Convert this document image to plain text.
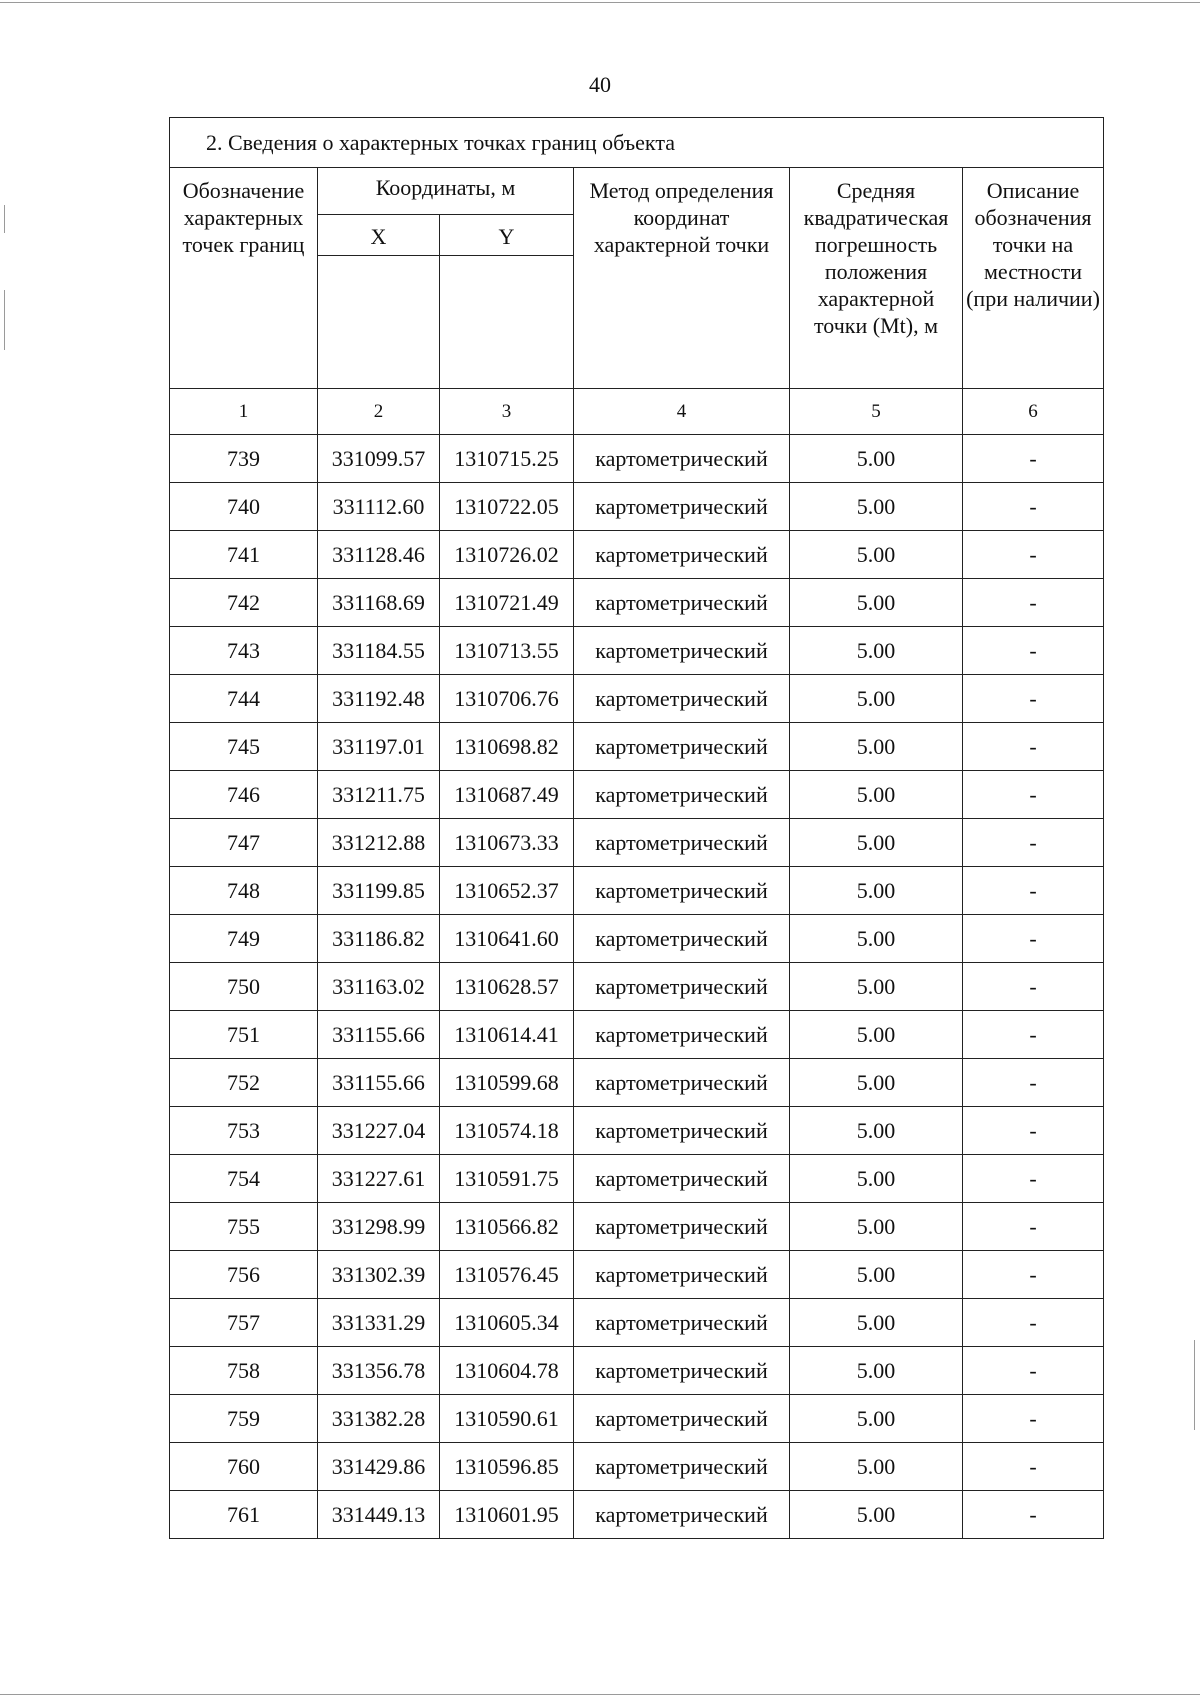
40
2. Сведения о характерных точках границ объекта					
Обозначение характерных точек границ	Координаты, м		Метод определения координат характерной точки	Средняя квадратическая погрешность положения характерной точки (Mt), м	Описание обозначения точки на местности (при наличии)
	X	Y			

1	2	3	4	5	6
739	331099.57	1310715.25	картометрический	5.00	-
740	331112.60	1310722.05	картометрический	5.00	-
741	331128.46	1310726.02	картометрический	5.00	-
742	331168.69	1310721.49	картометрический	5.00	-
743	331184.55	1310713.55	картометрический	5.00	-
744	331192.48	1310706.76	картометрический	5.00	-
745	331197.01	1310698.82	картометрический	5.00	-
746	331211.75	1310687.49	картометрический	5.00	-
747	331212.88	1310673.33	картометрический	5.00	-
748	331199.85	1310652.37	картометрический	5.00	-
749	331186.82	1310641.60	картометрический	5.00	-
750	331163.02	1310628.57	картометрический	5.00	-
751	331155.66	1310614.41	картометрический	5.00	-
752	331155.66	1310599.68	картометрический	5.00	-
753	331227.04	1310574.18	картометрический	5.00	-
754	331227.61	1310591.75	картометрический	5.00	-
755	331298.99	1310566.82	картометрический	5.00	-
756	331302.39	1310576.45	картометрический	5.00	-
757	331331.29	1310605.34	картометрический	5.00	-
758	331356.78	1310604.78	картометрический	5.00	-
759	331382.28	1310590.61	картометрический	5.00	-
760	331429.86	1310596.85	картометрический	5.00	-
761	331449.13	1310601.95	картометрический	5.00	-
